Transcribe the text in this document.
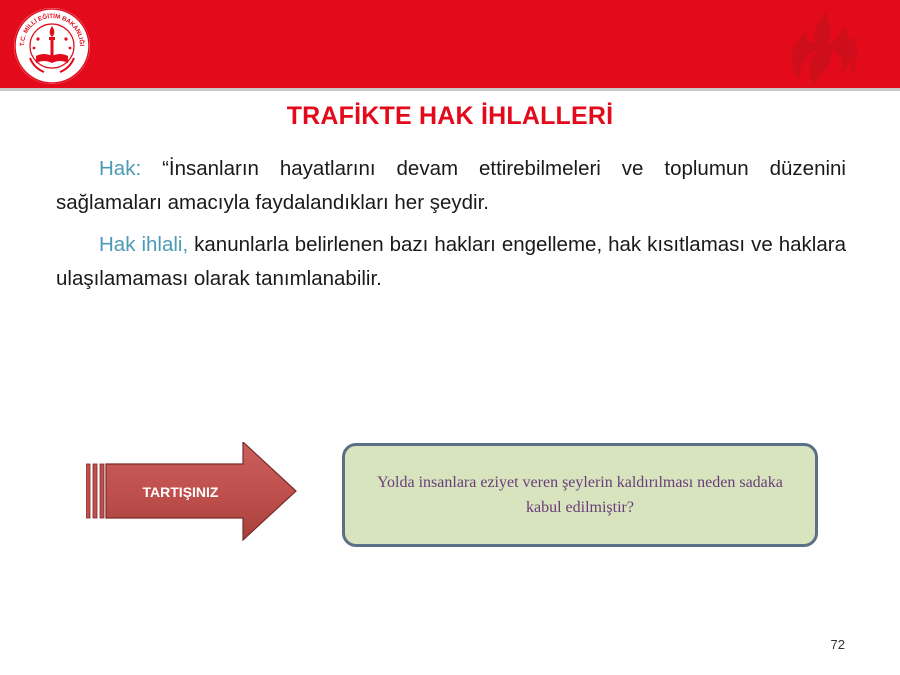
T.C. MİLLİ EĞİTİM BAKANLIĞI
TRAFİKTE HAK İHLALLERİ

Hak: “İnsanların hayatlarını devam ettirebilmeleri ve toplumun düzenini sağlamaları amacıyla faydalandıkları her şeydir.

Hak ihlali, kanunlarla belirlenen bazı hakları engelleme, hak kısıtlaması ve haklara ulaşılamaması olarak tanımlanabilir.

TARTIŞINIZ
Yolda insanlara eziyet veren şeylerin kaldırılması neden sadaka kabul edilmiştir?
72
